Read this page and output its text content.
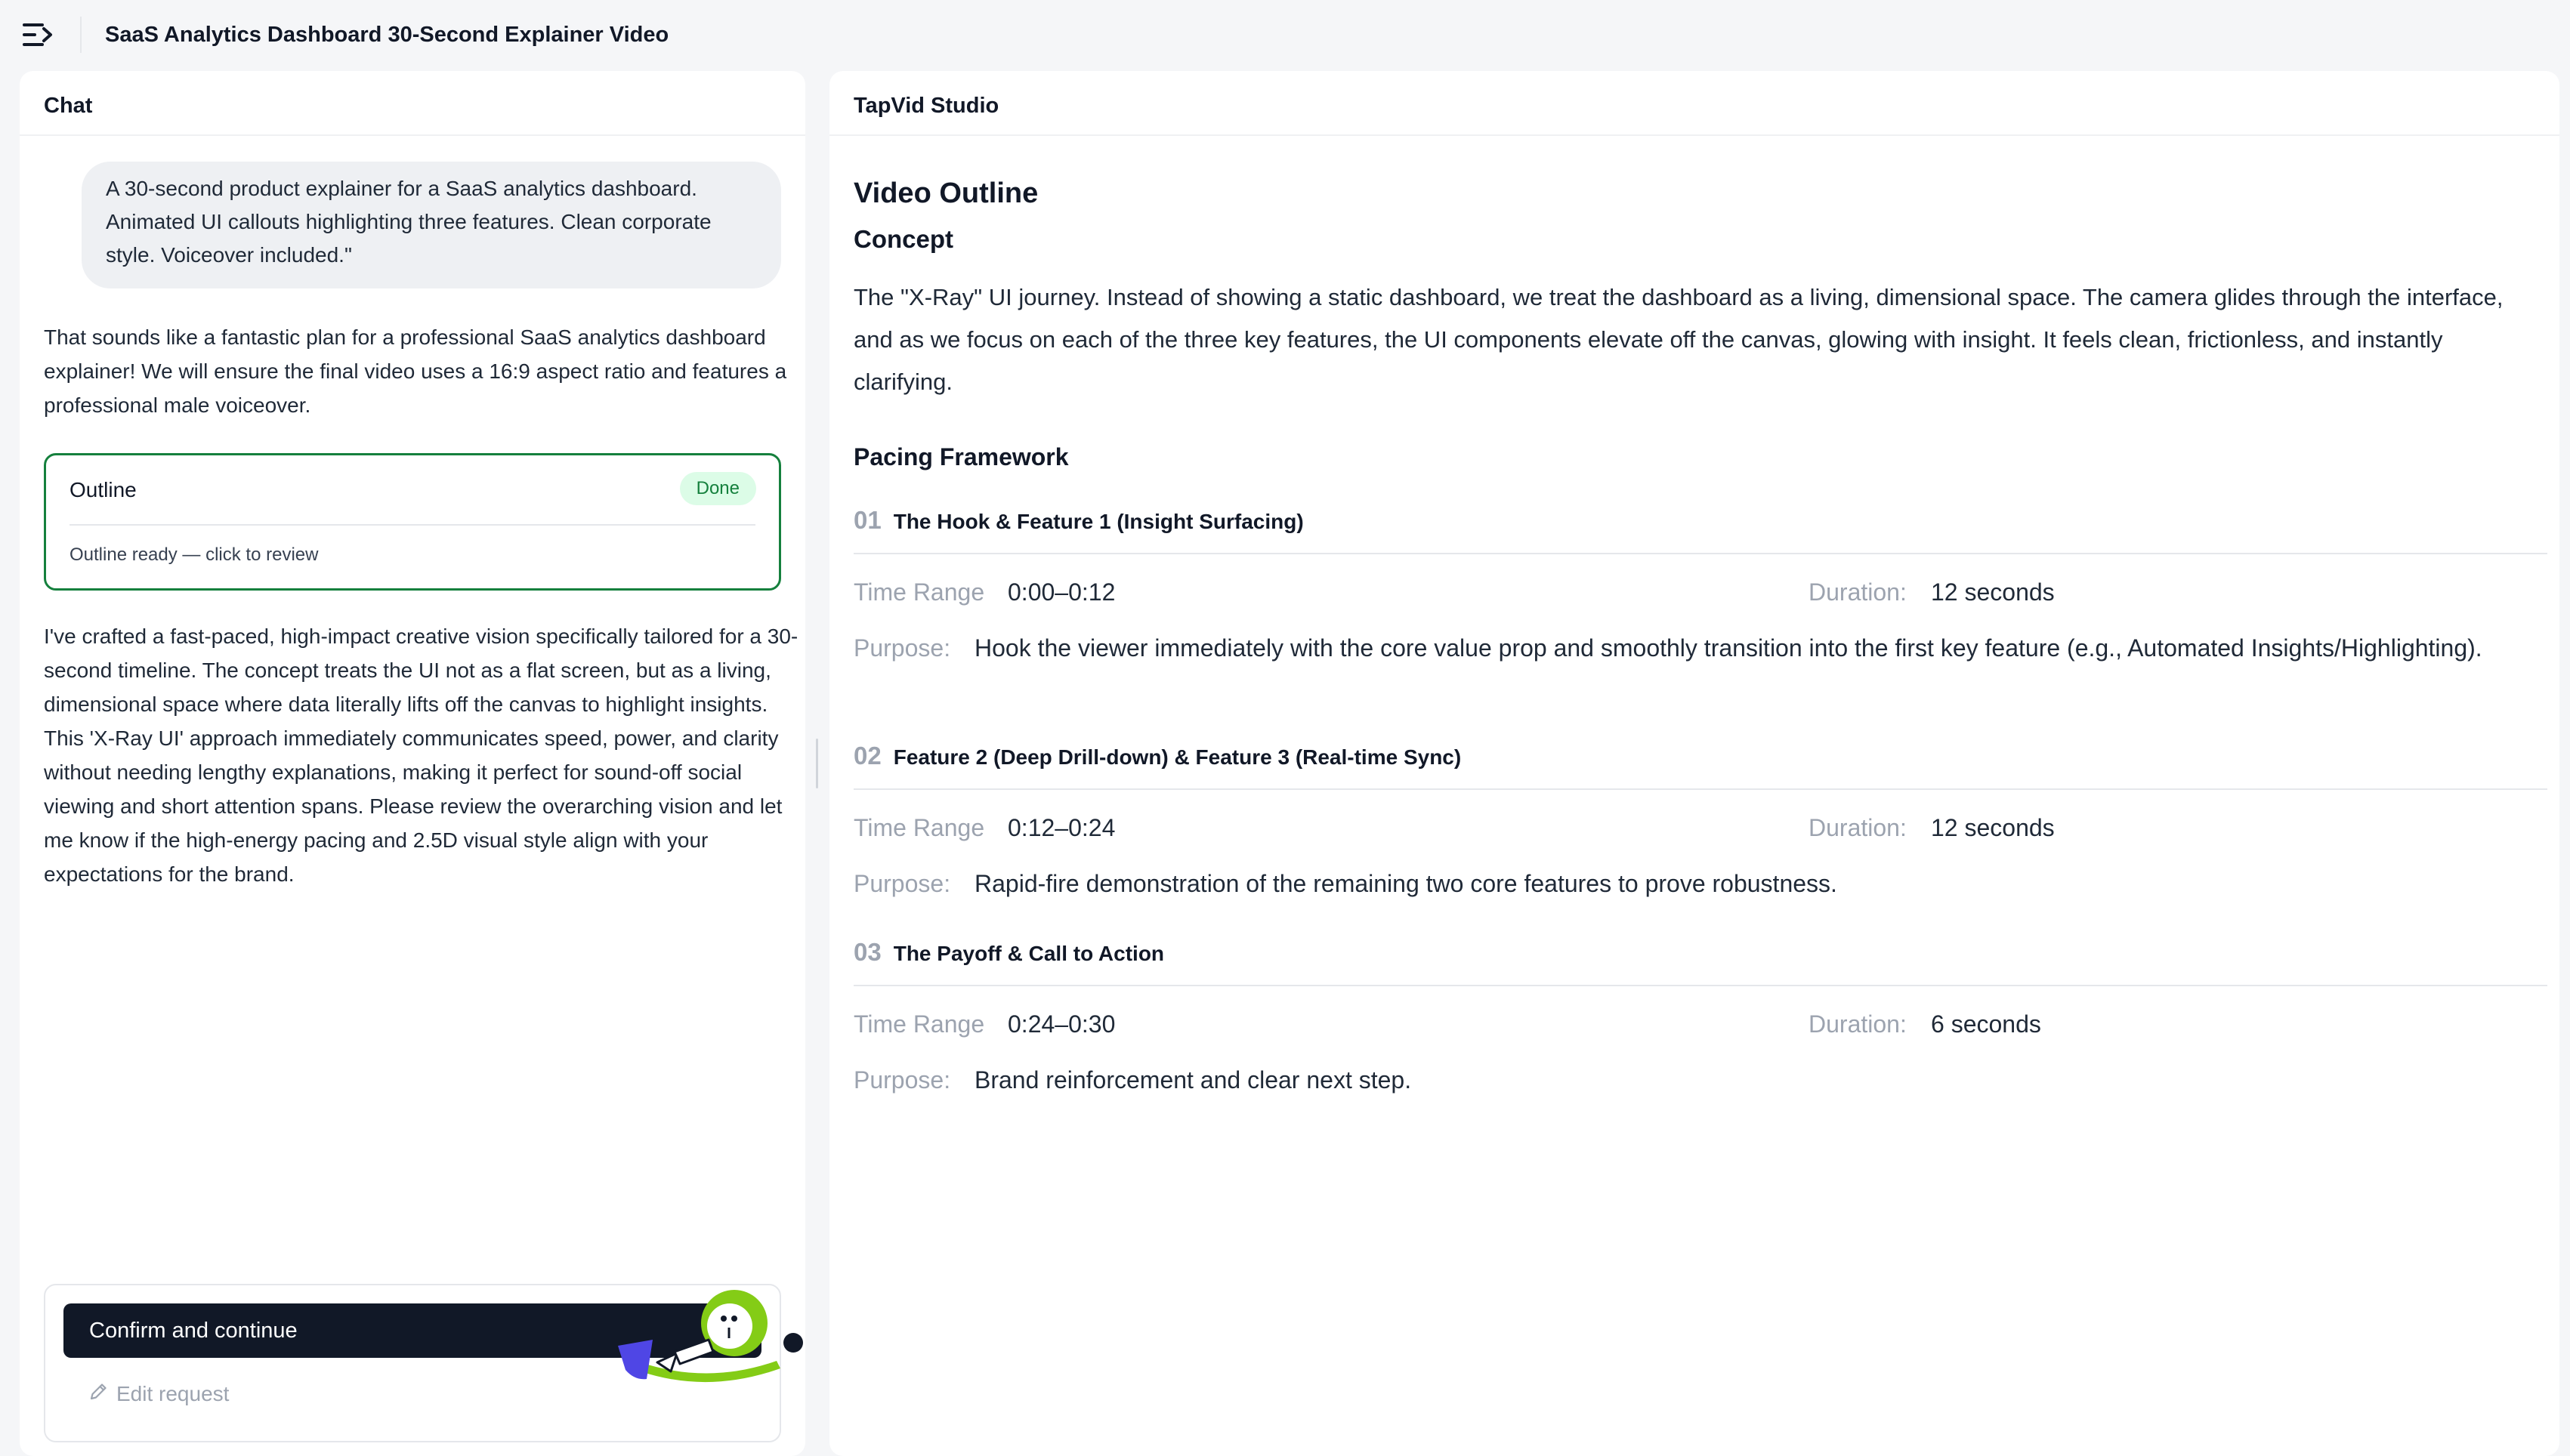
SaaS Analytics Dashboard 30-Second Explainer Video
Chat
A 30-second product explainer for a SaaS analytics dashboard. Animated UI callouts highlighting three features. Clean corporate style. Voiceover included."
That sounds like a fantastic plan for a professional SaaS analytics dashboard explainer! We will ensure the final video uses a 16:9 aspect ratio and features a professional male voiceover.
Outline	Done
Outline ready — click to review
I've crafted a fast-paced, high-impact creative vision specifically tailored for a 30-second timeline. The concept treats the UI not as a flat screen, but as a living, dimensional space where data literally lifts off the canvas to highlight insights. This 'X-Ray UI' approach immediately communicates speed, power, and clarity without needing lengthy explanations, making it perfect for sound-off social viewing and short attention spans. Please review the overarching vision and let me know if the high-energy pacing and 2.5D visual style align with your expectations for the brand.
Confirm and continue
Edit request
TapVid Studio
Video Outline
Concept
The "X-Ray" UI journey. Instead of showing a static dashboard, we treat the dashboard as a living, dimensional space. The camera glides through the interface, and as we focus on each of the three key features, the UI components elevate off the canvas, glowing with insight. It feels clean, frictionless, and instantly clarifying.
Pacing Framework
01 The Hook & Feature 1 (Insight Surfacing)
Time Range 0:00–0:12	Duration: 12 seconds
Purpose: Hook the viewer immediately with the core value prop and smoothly transition into the first key feature (e.g., Automated Insights/Highlighting).
02 Feature 2 (Deep Drill-down) & Feature 3 (Real-time Sync)
Time Range 0:12–0:24	Duration: 12 seconds
Purpose: Rapid-fire demonstration of the remaining two core features to prove robustness.
03 The Payoff & Call to Action
Time Range 0:24–0:30	Duration: 6 seconds
Purpose: Brand reinforcement and clear next step.
